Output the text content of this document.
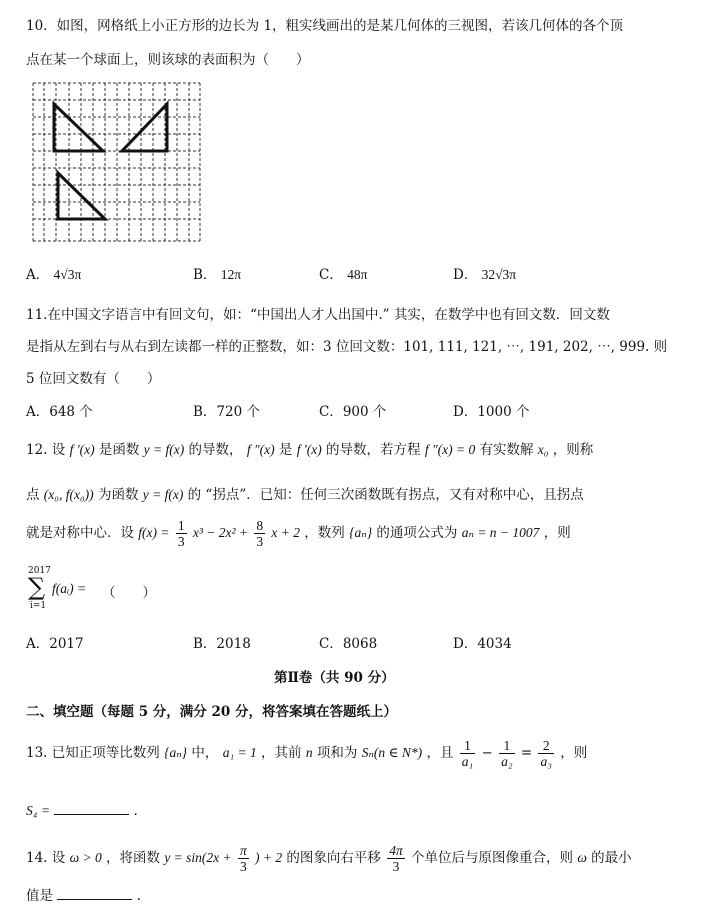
10．如图，网格纸上小正方形的边长为 1，粗实线画出的是某几何体的三视图，若该几何体的各个顶
点在某一个球面上，则该球的表面积为（　　）
A． 4√3π	B． 12π	C． 48π	D． 32√3π
11.在中国文字语言中有回文句，如：“中国出人才人出国中.” 其实，在数学中也有回文数．回文数
是指从左到右与从右到左读都一样的正整数，如：3 位回文数：101, 111, 121, ⋯, 191, 202, ⋯, 999. 则
5 位回文数有（　　）
A．648 个	B．720 个	C．900 个	D．1000 个
12. 设 f '(x) 是函数 y = f(x) 的导数， f "(x) 是 f '(x) 的导数，若方程 f "(x) = 0 有实数解 x₀ ，则称
点 (x₀, f(x₀)) 为函数 y = f(x) 的 “拐点”．已知：任何三次函数既有拐点，又有对称中心，且拐点
就是对称中心．设 $f(x) = \frac{1}{3} x^3 - 2x^2 + \frac{8}{3}$ x + 2 ，数列 {aₙ} 的通项公式为 aₙ = n − 1007 ，则
2017
∑
i=1
f(aᵢ) = （　　）
A．2017	B．2018	C．8068	D．4034
第Ⅱ卷（共 90 分）
二、填空题（每题 5 分，满分 20 分，将答案填在答题纸上）
13. 已知正项等比数列 {aₙ} 中， a₁ = 1 ，其前 n 项和为 Sₙ(n ∈ N*) ，且 $\frac{1}{\text{a₁}} - \frac{1}{\text{a₂}} = \frac{2}{\text{a₃}}$ ，则
S₄ =	.
14. 设 ω > 0 ，将函数 $y = \sin(2x + \frac{\pi}{3}$ ) + 2 的图象向右平移 $\frac{4\pi}{3}$ 个单位后与原图像重合，则 ω 的最小
值是	.
